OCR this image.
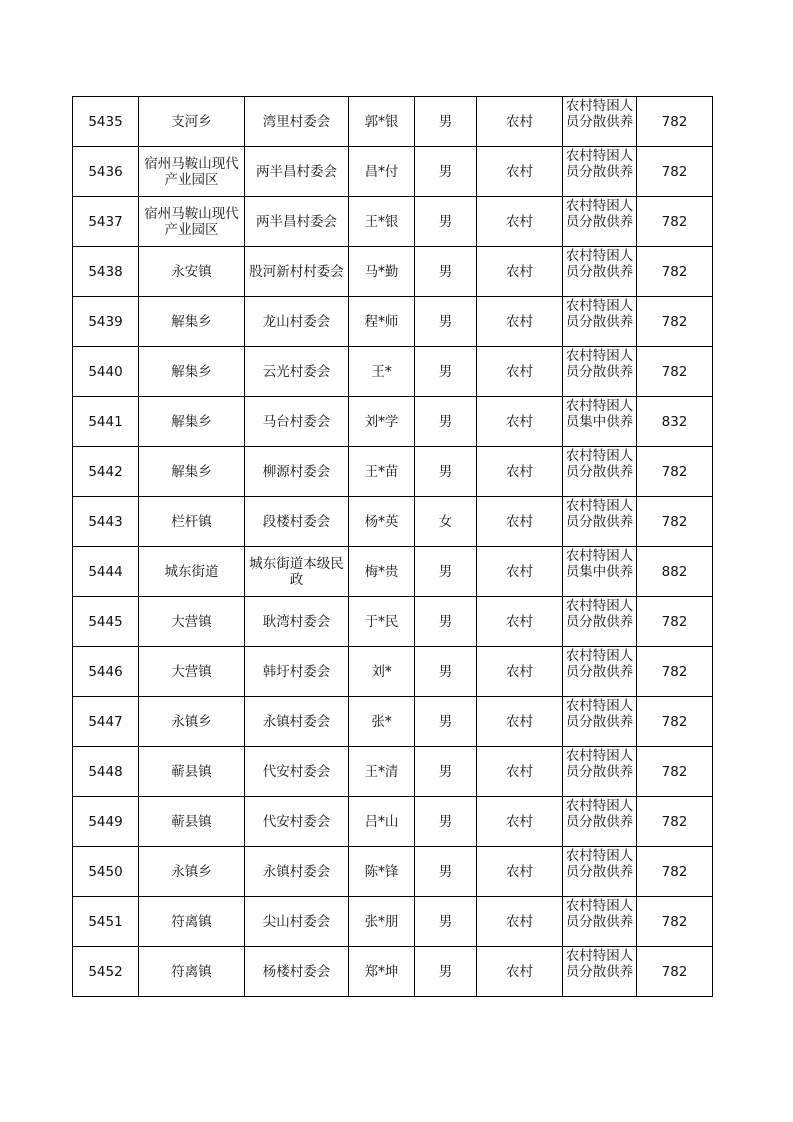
5435	支河乡	湾里村委会	郭*银	男	农村	农村特困人员分散供养	782
5436	宿州马鞍山现代产业园区	两半昌村委会	昌*付	男	农村	农村特困人员分散供养	782
5437	宿州马鞍山现代产业园区	两半昌村委会	王*银	男	农村	农村特困人员分散供养	782
5438	永安镇	股河新村村委会	马*勤	男	农村	农村特困人员分散供养	782
5439	解集乡	龙山村委会	程*师	男	农村	农村特困人员分散供养	782
5440	解集乡	云光村委会	王*	男	农村	农村特困人员分散供养	782
5441	解集乡	马台村委会	刘*学	男	农村	农村特困人员集中供养	832
5442	解集乡	柳源村委会	王*苗	男	农村	农村特困人员分散供养	782
5443	栏杆镇	段楼村委会	杨*英	女	农村	农村特困人员分散供养	782
5444	城东街道	城东街道本级民政	梅*贵	男	农村	农村特困人员集中供养	882
5445	大营镇	耿湾村委会	于*民	男	农村	农村特困人员分散供养	782
5446	大营镇	韩圩村委会	刘*	男	农村	农村特困人员分散供养	782
5447	永镇乡	永镇村委会	张*	男	农村	农村特困人员分散供养	782
5448	蕲县镇	代安村委会	王*清	男	农村	农村特困人员分散供养	782
5449	蕲县镇	代安村委会	吕*山	男	农村	农村特困人员分散供养	782
5450	永镇乡	永镇村委会	陈*锋	男	农村	农村特困人员分散供养	782
5451	符离镇	尖山村委会	张*朋	男	农村	农村特困人员分散供养	782
5452	符离镇	杨楼村委会	郑*坤	男	农村	农村特困人员分散供养	782
